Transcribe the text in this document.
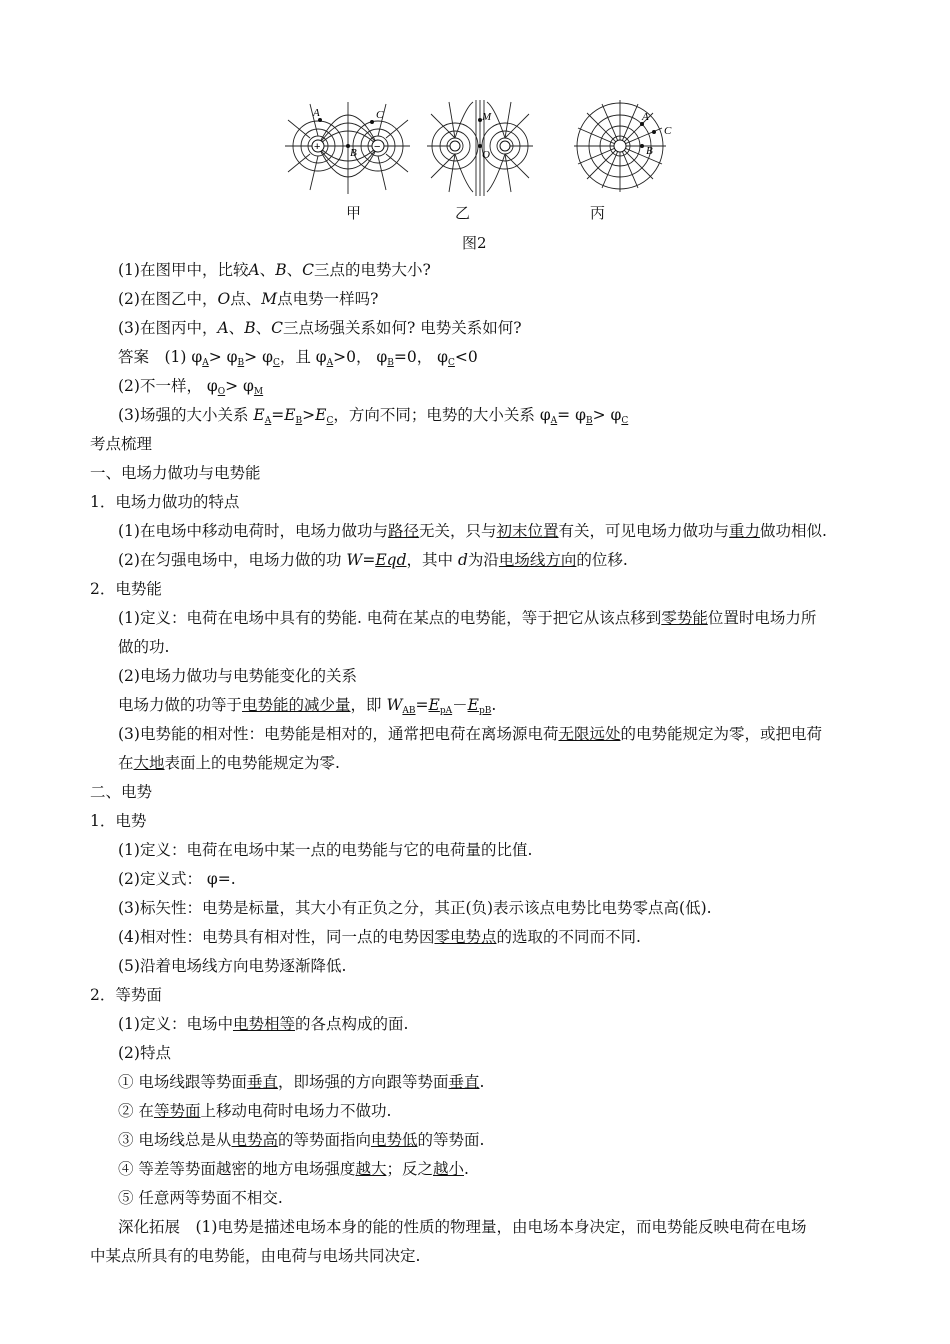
A	C
B
+	−
M
O
A
C
B
甲	乙	丙
图2
(1)在图甲中，比较A、B、C三点的电势大小?
(2)在图乙中，O点、M点电势一样吗?
(3)在图丙中，A、B、C三点场强关系如何? 电势关系如何?
答案　(1) $\varphi_A> \varphi_B> \varphi_C$，且 $\varphi_A>0$， $\varphi_B=0$， $\varphi_C<0$
(2)不一样， $\varphi_O> \varphi_M$
(3)场强的大小关系 $E_A=E_B>E_C$，方向不同；电势的大小关系 $\varphi_A= \varphi_B> \varphi_C$
考点梳理
一、电场力做功与电势能
1．电场力做功的特点
(1)在电场中移动电荷时，电场力做功与路径无关，只与初末位置有关，可见电场力做功与重力做功相似.
(2)在匀强电场中，电场力做的功 W=Eqd，其中 d为沿电场线方向的位移.
2．电势能
(1)定义：电荷在电场中具有的势能. 电荷在某点的电势能，等于把它从该点移到零势能位置时电场力所
做的功.
(2)电场力做功与电势能变化的关系
电场力做的功等于电势能的减少量，即 $W_{AB}=E_{pA}-E_{pB}$.
(3)电势能的相对性：电势能是相对的，通常把电荷在离场源电荷无限远处的电势能规定为零，或把电荷
在大地表面上的电势能规定为零.
二、电势
1．电势
(1)定义：电荷在电场中某一点的电势能与它的电荷量的比值.
(2)定义式： φ=.
(3)标矢性：电势是标量，其大小有正负之分，其正(负)表示该点电势比电势零点高(低).
(4)相对性：电势具有相对性，同一点的电势因零电势点的选取的不同而不同.
(5)沿着电场线方向电势逐渐降低.
2．等势面
(1)定义：电场中电势相等的各点构成的面.
(2)特点
① 电场线跟等势面垂直，即场强的方向跟等势面垂直.
② 在等势面上移动电荷时电场力不做功.
③ 电场线总是从电势高的等势面指向电势低的等势面.
④ 等差等势面越密的地方电场强度越大；反之越小.
⑤ 任意两等势面不相交.
深化拓展　(1)电势是描述电场本身的能的性质的物理量，由电场本身决定，而电势能反映电荷在电场
中某点所具有的电势能，由电荷与电场共同决定.
